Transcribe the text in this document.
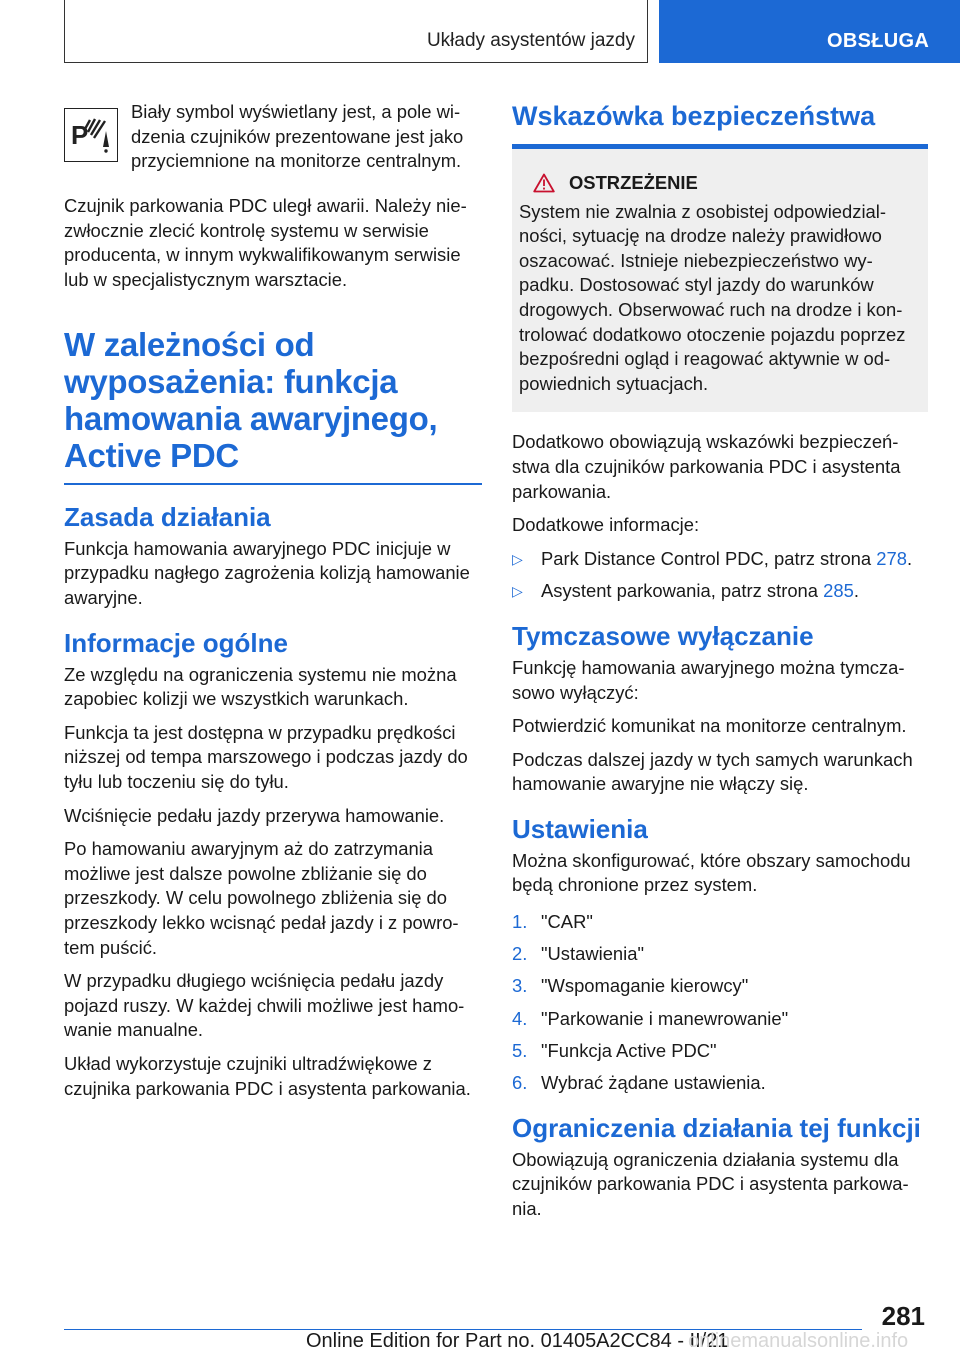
Układy asystentów jazdy	OBSŁUGA
P
Biały symbol wyświetlany jest, a pole widzenia czujników prezentowane jest jako przyciemnione na monitorze centralnym.

Czujnik parkowania PDC uległ awarii. Należy niezwłocznie zlecić kontrolę systemu w serwisie producenta, w innym wykwalifikowanym serwisie lub w specjalistycznym warsztacie.

W zależności od wyposażenia: funkcja hamowania awaryjnego, Active PDC
Zasada działania

Funkcja hamowania awaryjnego PDC inicjuje w przypadku nagłego zagrożenia kolizją hamowanie awaryjne.

Informacje ogólne

Ze względu na ograniczenia systemu nie można zapobiec kolizji we wszystkich warunkach.

Funkcja ta jest dostępna w przypadku prędkości niższej od tempa marszowego i podczas jazdy do tyłu lub toczeniu się do tyłu.

Wciśnięcie pedału jazdy przerywa hamowanie.

Po hamowaniu awaryjnym aż do zatrzymania możliwe jest dalsze powolne zbliżanie się do przeszkody. W celu powolnego zbliżenia się do przeszkody lekko wcisnąć pedał jazdy i z powrotem puścić.

W przypadku długiego wciśnięcia pedału jazdy pojazd ruszy. W każdej chwili możliwe jest hamowanie manualne.

Układ wykorzystuje czujniki ultradźwiękowe z czujnika parkowania PDC i asystenta parkowania.

Wskazówka bezpieczeństwa
OSTRZEŻENIE
System nie zwalnia z osobistej odpowiedzialności, sytuację na drodze należy prawidłowo oszacować. Istnieje niebezpieczeństwo wypadku. Dostosować styl jazdy do warunków drogowych. Obserwować ruch na drodze i kontrolować dodatkowo otoczenie pojazdu poprzez bezpośredni ogląd i reagować aktywnie w odpowiednich sytuacjach.

Dodatkowo obowiązują wskazówki bezpieczeństwa dla czujników parkowania PDC i asystenta parkowania.

Dodatkowe informacje:

▷ Park Distance Control PDC, patrz strona 278.
▷ Asystent parkowania, patrz strona 285.
Tymczasowe wyłączanie

Funkcję hamowania awaryjnego można tymczasowo wyłączyć:

Potwierdzić komunikat na monitorze centralnym.

Podczas dalszej jazdy w tych samych warunkach hamowanie awaryjne nie włączy się.

Ustawienia

Można skonfigurować, które obszary samochodu będą chronione przez system.

1. "CAR"
2. "Ustawienia"
3. "Wspomaganie kierowcy"
4. "Parkowanie i manewrowanie"
5. "Funkcja Active PDC"
6. Wybrać żądane ustawienia.
Ograniczenia działania tej funkcji

Obowiązują ograniczenia działania systemu dla czujników parkowania PDC i asystenta parkowania.

281
Online Edition for Part no. 01405A2CC84 - II/21
onlinemanualsonline.info
